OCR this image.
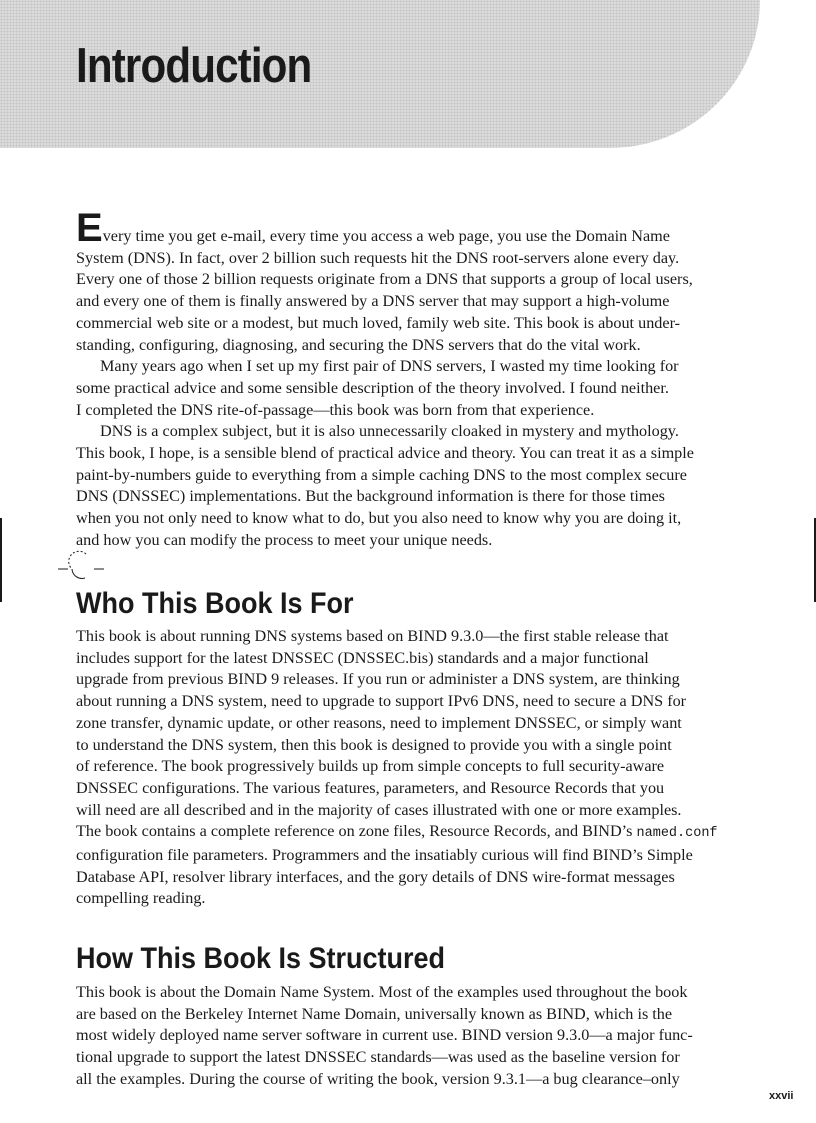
Introduction
Every time you get e-mail, every time you access a web page, you use the Domain Name
System (DNS). In fact, over 2 billion such requests hit the DNS root-servers alone every day.
Every one of those 2 billion requests originate from a DNS that supports a group of local users,
and every one of them is finally answered by a DNS server that may support a high-volume
commercial web site or a modest, but much loved, family web site. This book is about under-
standing, configuring, diagnosing, and securing the DNS servers that do the vital work.
Many years ago when I set up my first pair of DNS servers, I wasted my time looking for
some practical advice and some sensible description of the theory involved. I found neither.
I completed the DNS rite-of-passage—this book was born from that experience.
DNS is a complex subject, but it is also unnecessarily cloaked in mystery and mythology.
This book, I hope, is a sensible blend of practical advice and theory. You can treat it as a simple
paint-by-numbers guide to everything from a simple caching DNS to the most complex secure
DNS (DNSSEC) implementations. But the background information is there for those times
when you not only need to know what to do, but you also need to know why you are doing it,
and how you can modify the process to meet your unique needs.
Who This Book Is For
This book is about running DNS systems based on BIND 9.3.0—the first stable release that
includes support for the latest DNSSEC (DNSSEC.bis) standards and a major functional
upgrade from previous BIND 9 releases. If you run or administer a DNS system, are thinking
about running a DNS system, need to upgrade to support IPv6 DNS, need to secure a DNS for
zone transfer, dynamic update, or other reasons, need to implement DNSSEC, or simply want
to understand the DNS system, then this book is designed to provide you with a single point
of reference. The book progressively builds up from simple concepts to full security-aware
DNSSEC configurations. The various features, parameters, and Resource Records that you
will need are all described and in the majority of cases illustrated with one or more examples.
The book contains a complete reference on zone files, Resource Records, and BIND’s named.conf
configuration file parameters. Programmers and the insatiably curious will find BIND’s Simple
Database API, resolver library interfaces, and the gory details of DNS wire-format messages
compelling reading.
How This Book Is Structured
This book is about the Domain Name System. Most of the examples used throughout the book
are based on the Berkeley Internet Name Domain, universally known as BIND, which is the
most widely deployed name server software in current use. BIND version 9.3.0—a major func-
tional upgrade to support the latest DNSSEC standards—was used as the baseline version for
all the examples. During the course of writing the book, version 9.3.1—a bug clearance–only

xxvii
